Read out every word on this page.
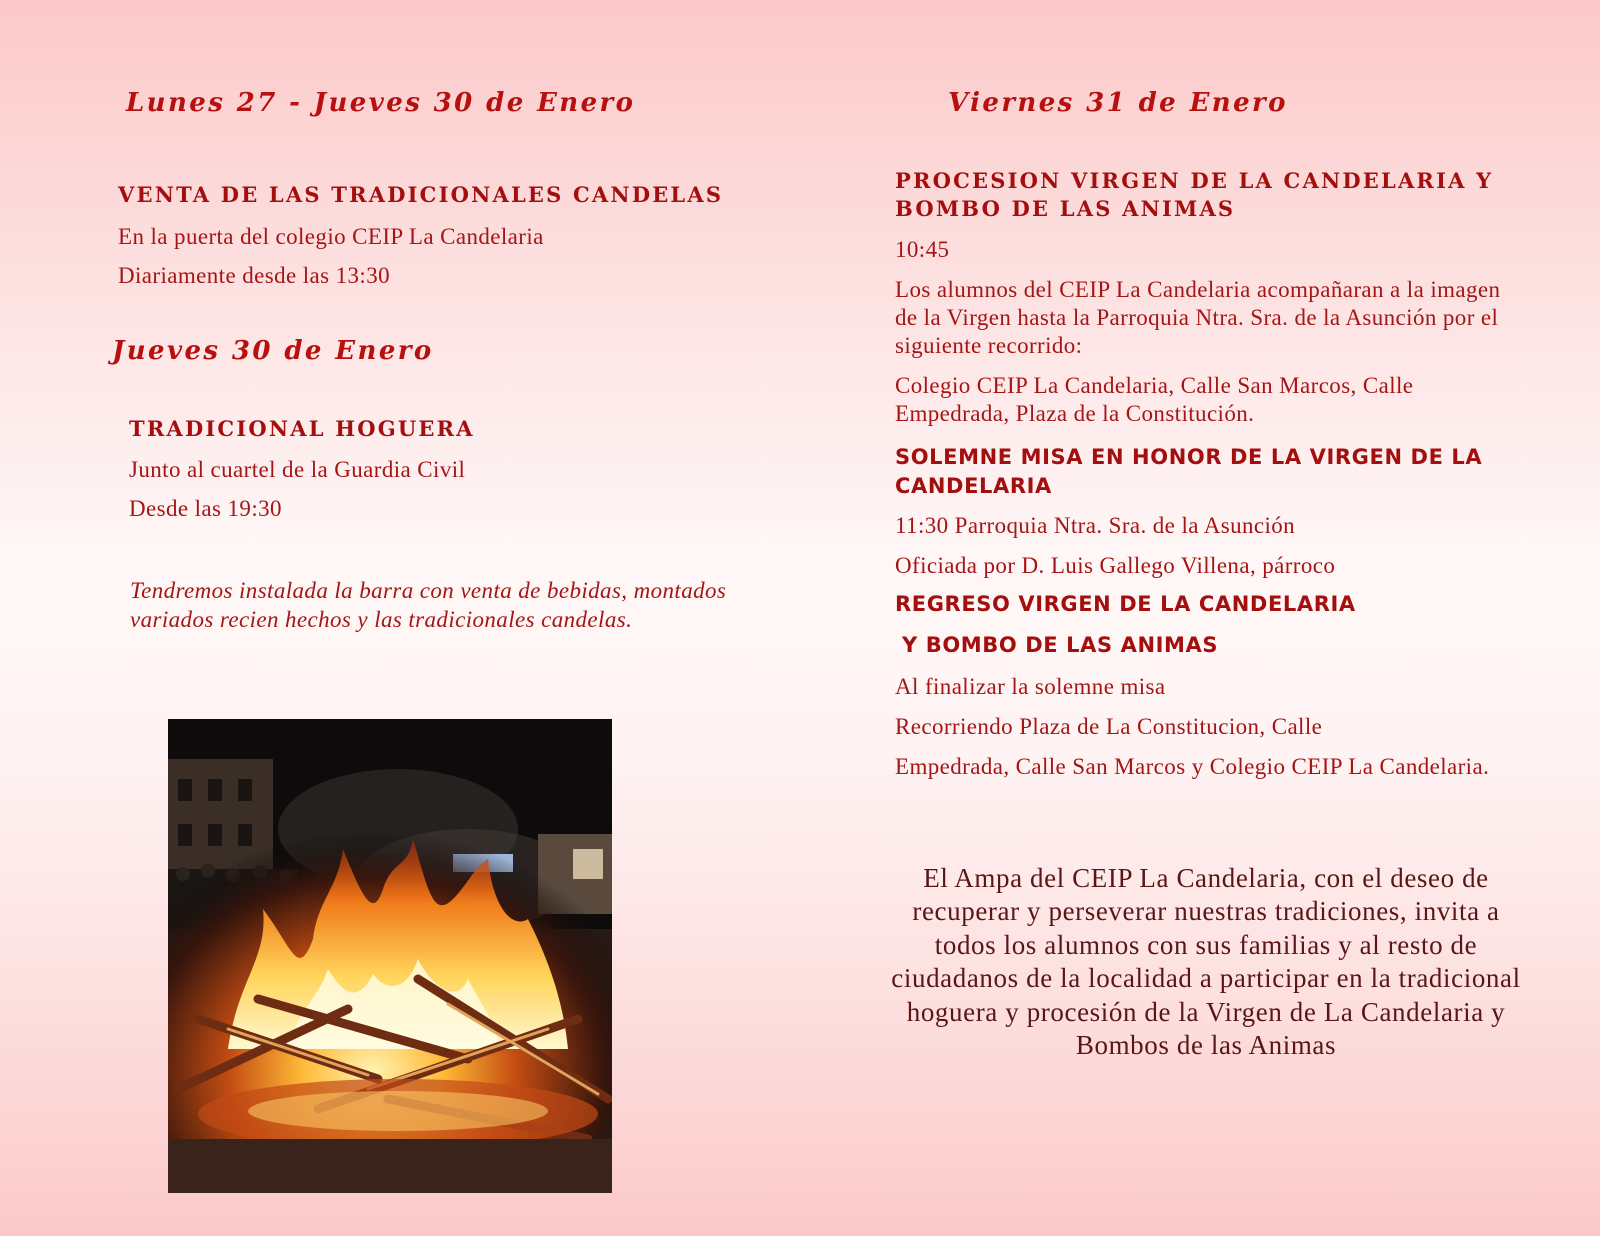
Lunes 27 - Jueves 30 de Enero
VENTA DE LAS TRADICIONALES CANDELAS
En la puerta del colegio CEIP La Candelaria
Diariamente desde las 13:30
Jueves 30 de Enero
TRADICIONAL HOGUERA
Junto al cuartel de la Guardia Civil
Desde las 19:30

Tendremos instalada la barra con venta de bebidas, montados variados recien hechos y las tradicionales candelas.

Viernes 31 de Enero
PROCESION VIRGEN DE LA CANDELARIA Y BOMBO DE LAS ANIMAS
10:45

Los alumnos del CEIP La Candelaria acompañaran a la imagen de la Virgen hasta la Parroquia Ntra. Sra. de la Asunción por el siguiente recorrido:

Colegio CEIP La Candelaria, Calle San Marcos, Calle Empedrada, Plaza de la Constitución.

SOLEMNE MISA EN HONOR DE LA VIRGEN DE LA CANDELARIA
11:30 Parroquia Ntra. Sra. de la Asunción
Oficiada por D. Luis Gallego Villena, párroco
REGRESO VIRGEN DE LA CANDELARIA
Y BOMBO DE LAS ANIMAS
Al finalizar la solemne misa
Recorriendo Plaza de La Constitucion, Calle

Empedrada, Calle San Marcos y Colegio CEIP La Candelaria.

El Ampa del CEIP La Candelaria, con el deseo de recuperar y perseverar nuestras tradiciones, invita a todos los alumnos con sus familias y al resto de ciudadanos de la localidad a participar en la tradicional hoguera y procesión de la Virgen de La Candelaria y Bombos de las Animas
